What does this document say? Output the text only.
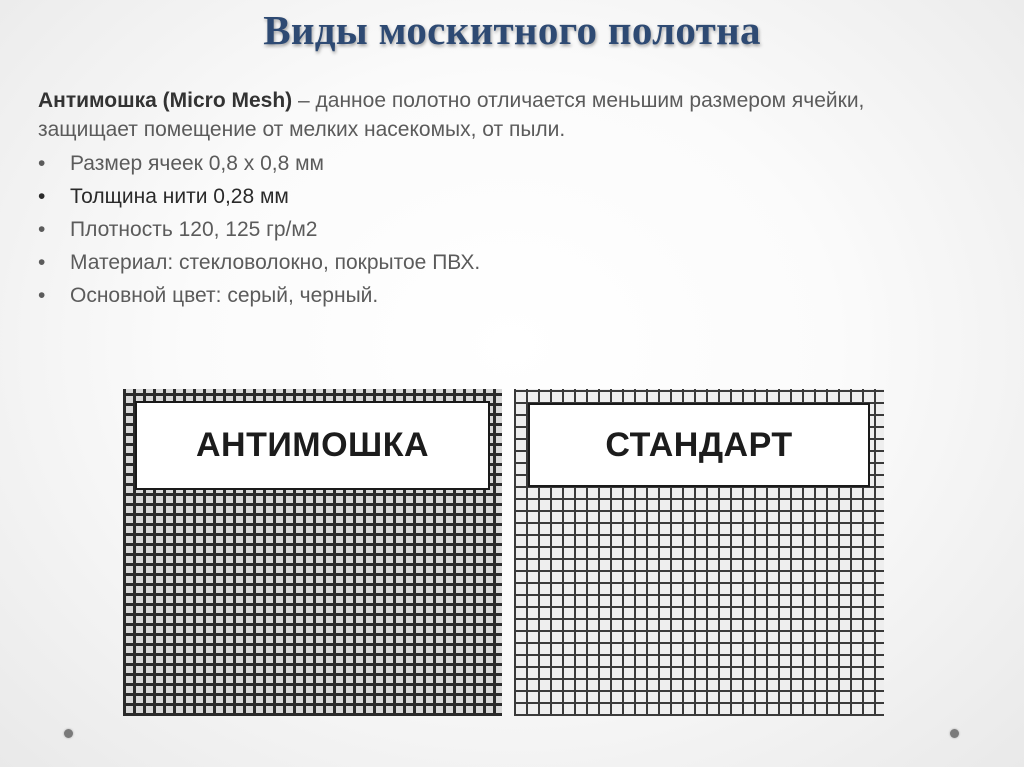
Виды москитного полотна
Антимошка (Micro Mesh) – данное полотно отличается меньшим размером ячейки, защищает помещение от мелких насекомых, от пыли.
•	Размер ячеек 0,8 х 0,8 мм
•	Толщина нити 0,28 мм
•	Плотность 120, 125 гр/м2
•	Материал: стекловолокно, покрытое ПВХ.
•	Основной цвет: серый, черный.
АНТИМОШКА	СТАНДАРТ
